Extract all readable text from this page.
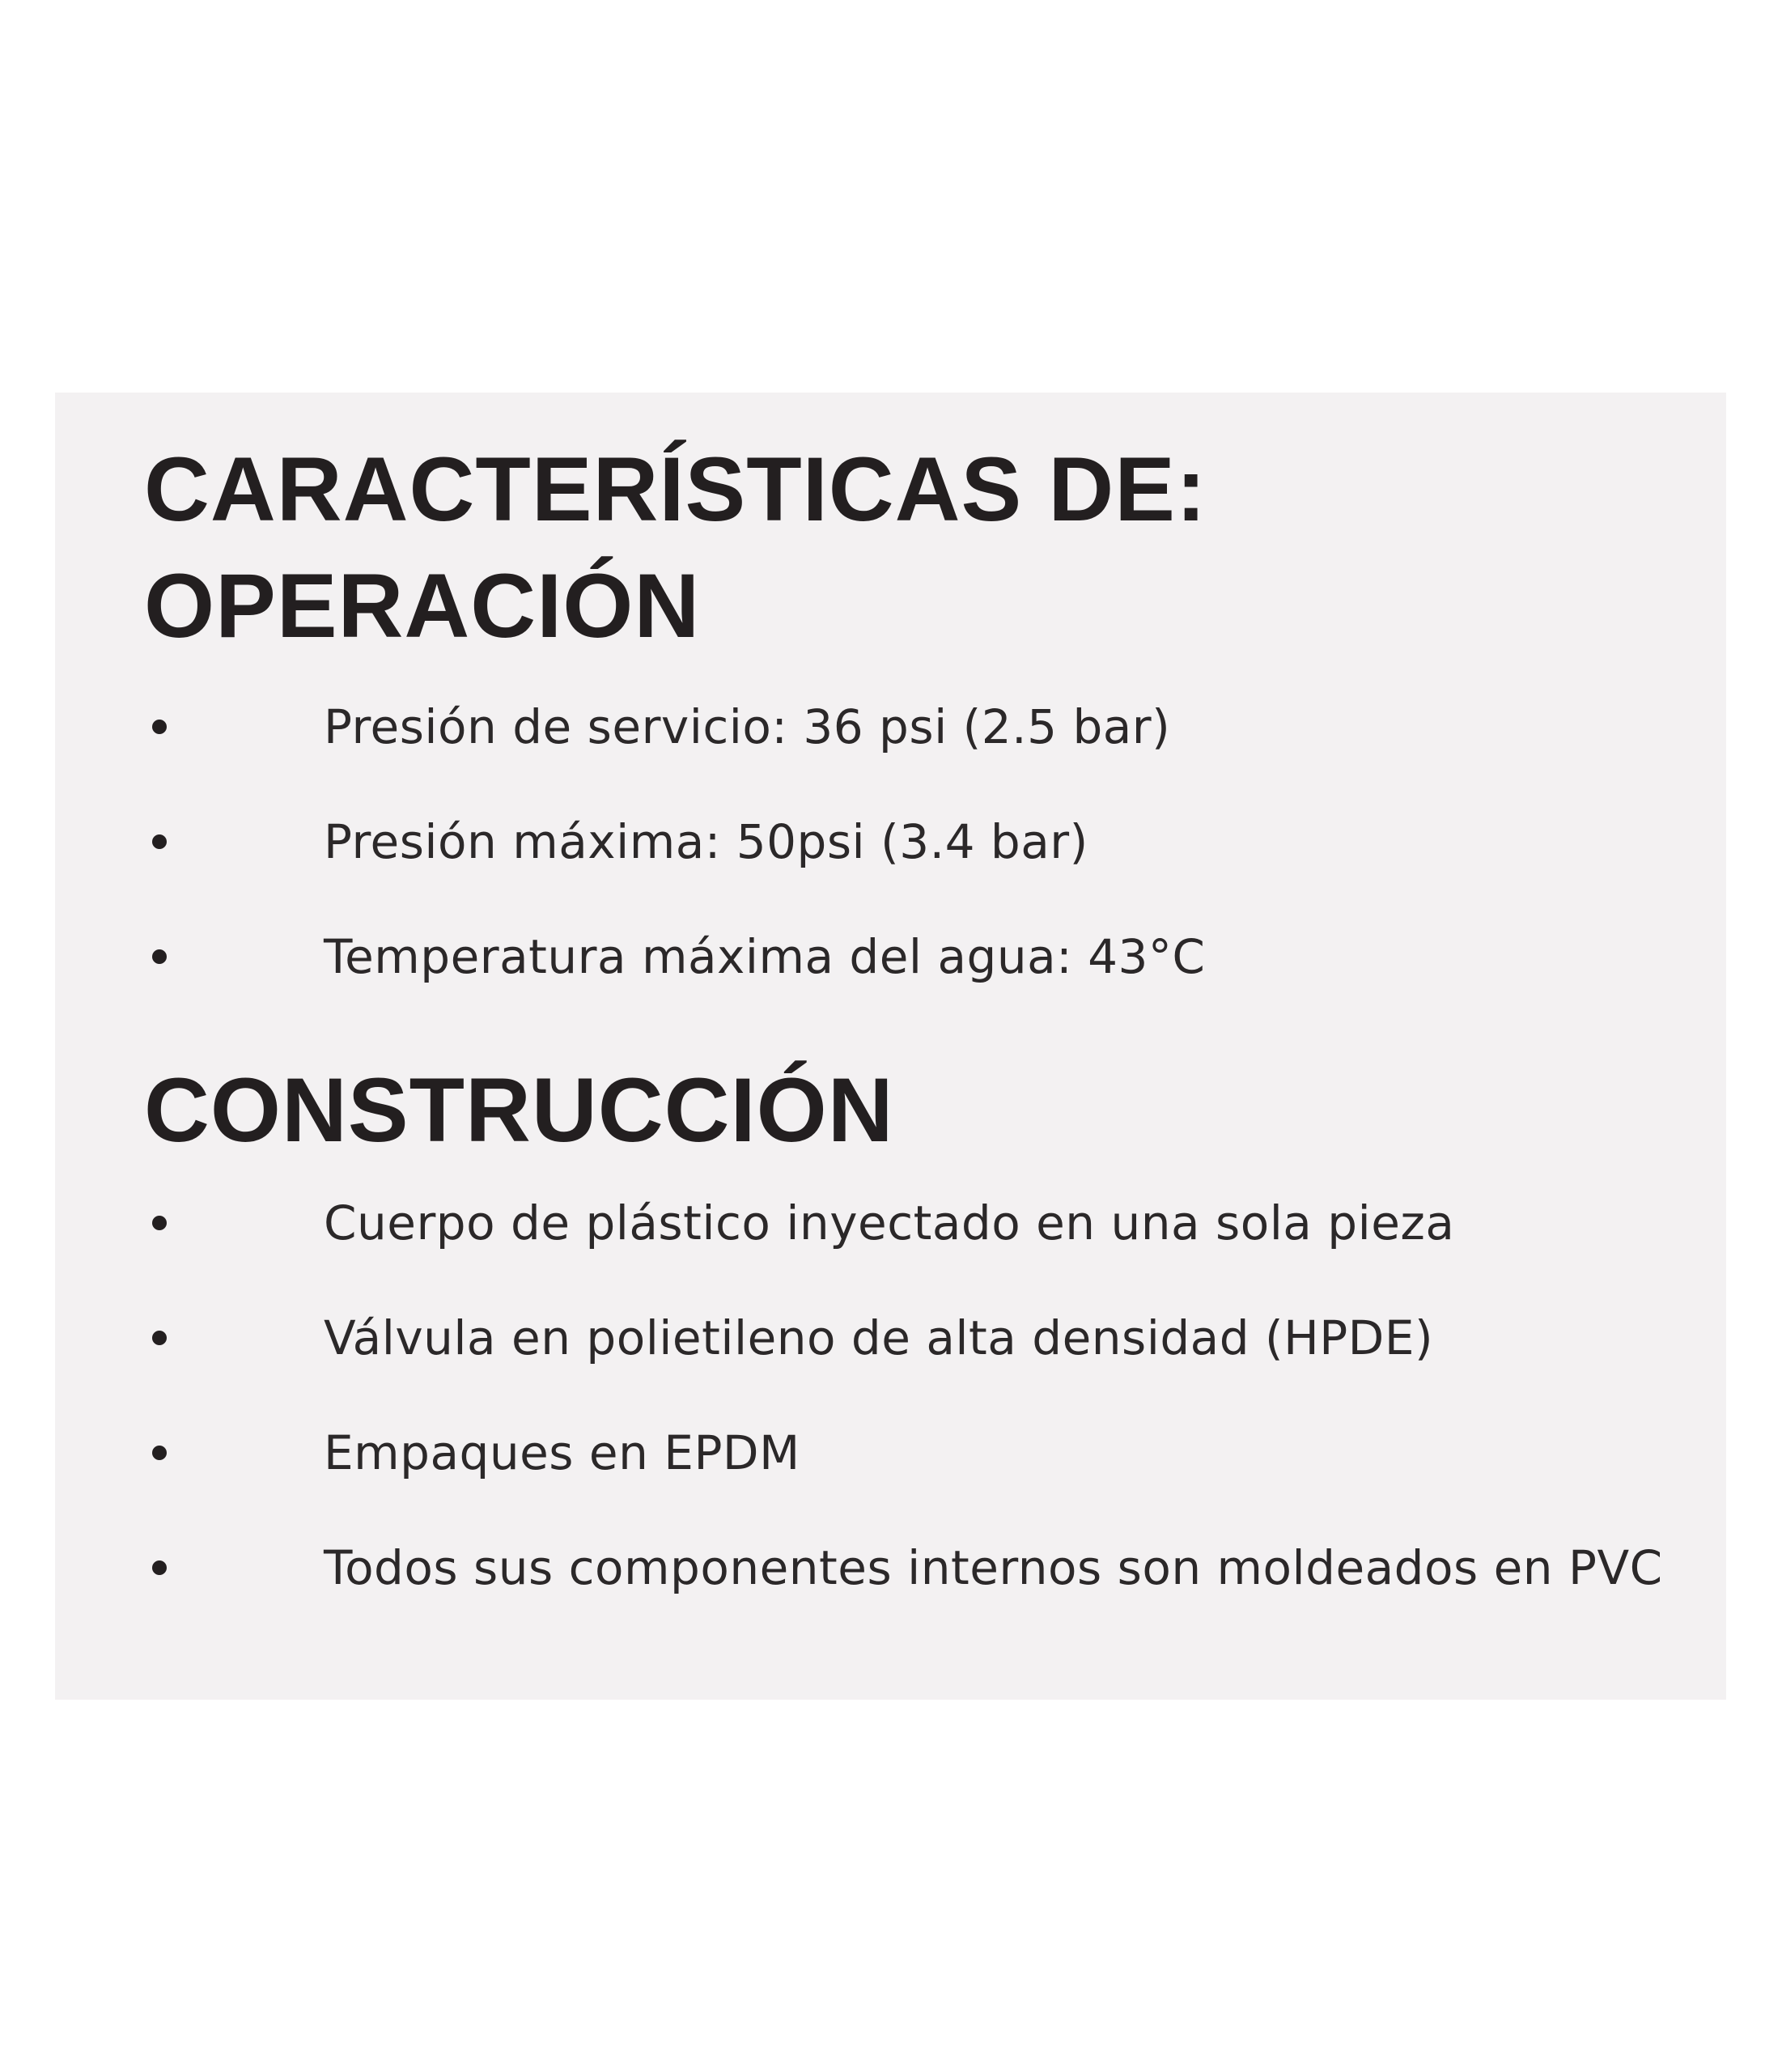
CARACTERÍSTICAS DE:
OPERACIÓN
Presión de servicio: 36 psi (2.5 bar)
Presión máxima: 50psi (3.4 bar)
Temperatura máxima del agua: 43°C
CONSTRUCCIÓN
Cuerpo de plástico inyectado en una sola pieza
Válvula en polietileno de alta densidad (HPDE)
Empaques en EPDM
Todos sus componentes internos son moldeados en PVC
